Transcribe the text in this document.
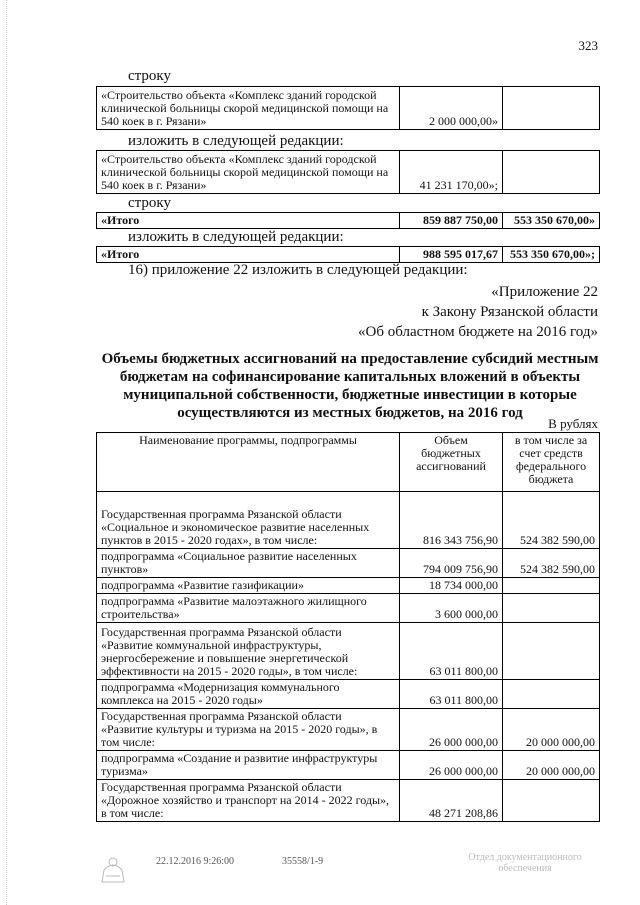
323
строку
«Строительство объекта «Комплекс зданий городской клинической больницы скорой медицинской помощи на 540 коек в г. Рязани»	2 000 000,00»	
изложить в следующей редакции:
«Строительство объекта «Комплекс зданий городской клинической больницы скорой медицинской помощи на 540 коек в г. Рязани»	41 231 170,00»;	
строку
«Итого	859 887 750,00	553 350 670,00»
изложить в следующей редакции:
«Итого	988 595 017,67	553 350 670,00»;
16) приложение 22 изложить в следующей редакции:
«Приложение 22
к Закону Рязанской области
«Об областном бюджете на 2016 год»
Объемы бюджетных ассигнований на предоставление субсидий местным бюджетам на софинансирование капитальных вложений в объекты муниципальной собственности, бюджетные инвестиции в которые осуществляются из местных бюджетов, на 2016 год
В рублях
Наименование программы, подпрограммы	Объем бюджетных ассигнований	в том числе за счет средств федерального бюджета
Государственная программа Рязанской области «Социальное и экономическое развитие населенных пунктов в 2015 - 2020 годах», в том числе:	816 343 756,90	524 382 590,00
подпрограмма «Социальное развитие населенных пунктов»	794 009 756,90	524 382 590,00
подпрограмма «Развитие газификации»	18 734 000,00	
подпрограмма «Развитие малоэтажного жилищного строительства»	3 600 000,00	
Государственная программа Рязанской области «Развитие коммунальной инфраструктуры, энергосбережение и повышение энергетической эффективности на 2015 - 2020 годы», в том числе:	63 011 800,00	
подпрограмма «Модернизация коммунального комплекса на 2015 - 2020 годы»	63 011 800,00	
Государственная программа Рязанской области «Развитие культуры и туризма на 2015 - 2020 годы», в том числе:	26 000 000,00	20 000 000,00
подпрограмма «Создание и развитие инфраструктуры туризма»	26 000 000,00	20 000 000,00
Государственная программа Рязанской области «Дорожное хозяйство и транспорт на 2014 - 2022 годы», в том числе:	48 271 208,86	
22.12.2016 9:26:00	35558/1-9	Отдел документационного обеспечения
